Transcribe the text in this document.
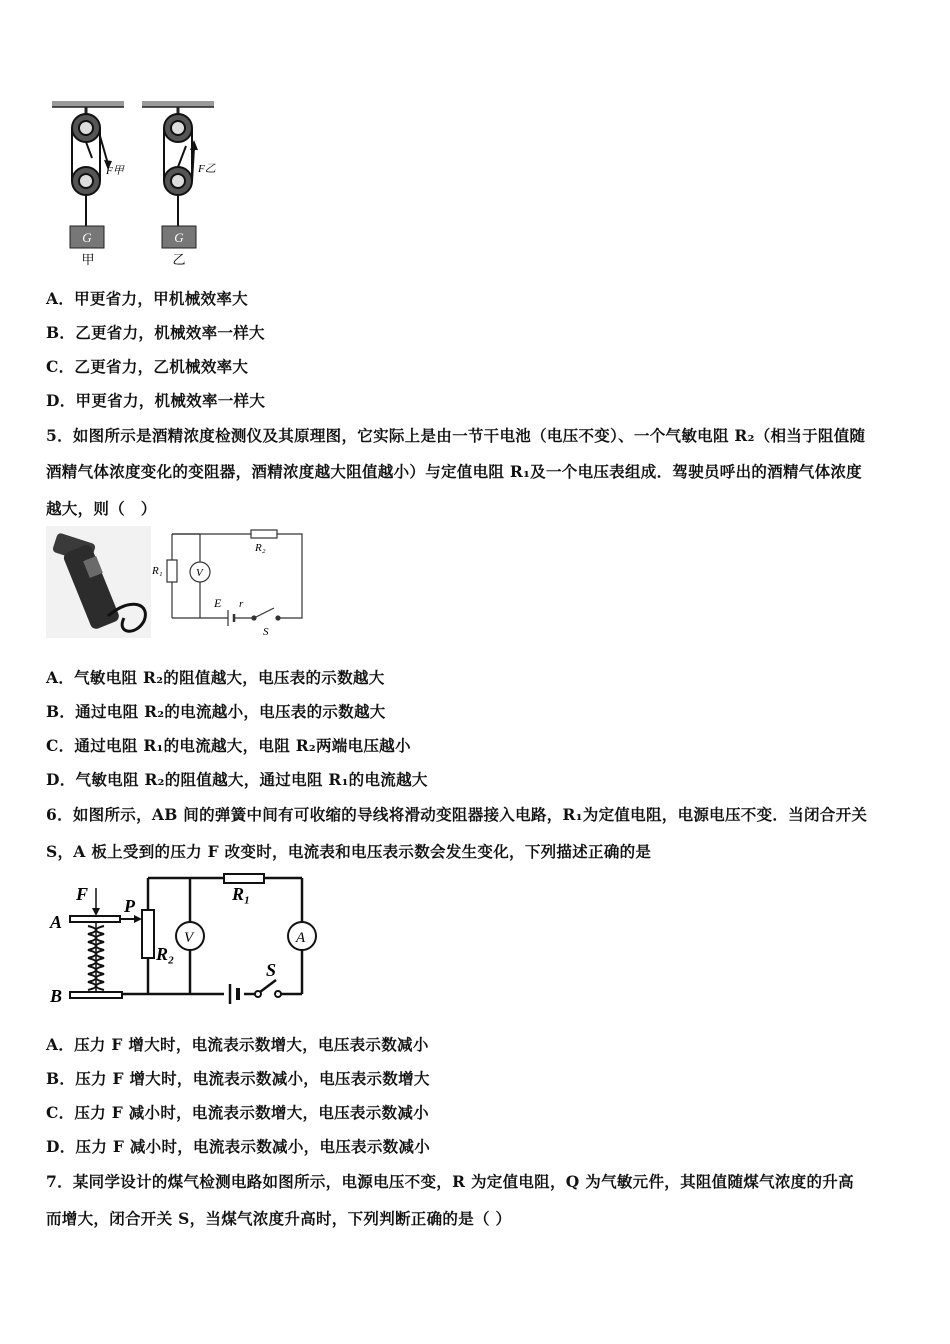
G
F甲
甲
G
F乙
乙
A．甲更省力，甲机械效率大
B．乙更省力，机械效率一样大
C．乙更省力，乙机械效率大
D．甲更省力，机械效率一样大
5．如图所示是酒精浓度检测仪及其原理图，它实际上是由一节干电池（电压不变）、一个气敏电阻 R₂（相当于阻值随
酒精气体浓度变化的变阻器，酒精浓度越大阻值越小）与定值电阻 R₁及一个电压表组成．驾驶员呼出的酒精气体浓度
越大，则（　）
R₂
R₁	V
E r
S
A．气敏电阻 R₂的阻值越大，电压表的示数越大
B．通过电阻 R₂的电流越小，电压表的示数越大
C．通过电阻 R₁的电流越大，电阻 R₂两端电压越小
D．气敏电阻 R₂的阻值越大，通过电阻 R₁的电流越大
6．如图所示，AB 间的弹簧中间有可收缩的导线将滑动变阻器接入电路，R₁为定值电阻，电源电压不变．当闭合开关
S，A 板上受到的压力 F 改变时，电流表和电压表示数会发生变化，下列描述正确的是
F
A
B
P
R₁
R₂
V	A
S
A．压力 F 增大时，电流表示数增大，电压表示数减小
B．压力 F 增大时，电流表示数减小，电压表示数增大
C．压力 F 减小时，电流表示数增大，电压表示数减小
D．压力 F 减小时，电流表示数减小，电压表示数减小
7．某同学设计的煤气检测电路如图所示，电源电压不变，R 为定值电阻，Q 为气敏元件，其阻值随煤气浓度的升高
而增大，闭合开关 S，当煤气浓度升高时，下列判断正确的是（ ）
